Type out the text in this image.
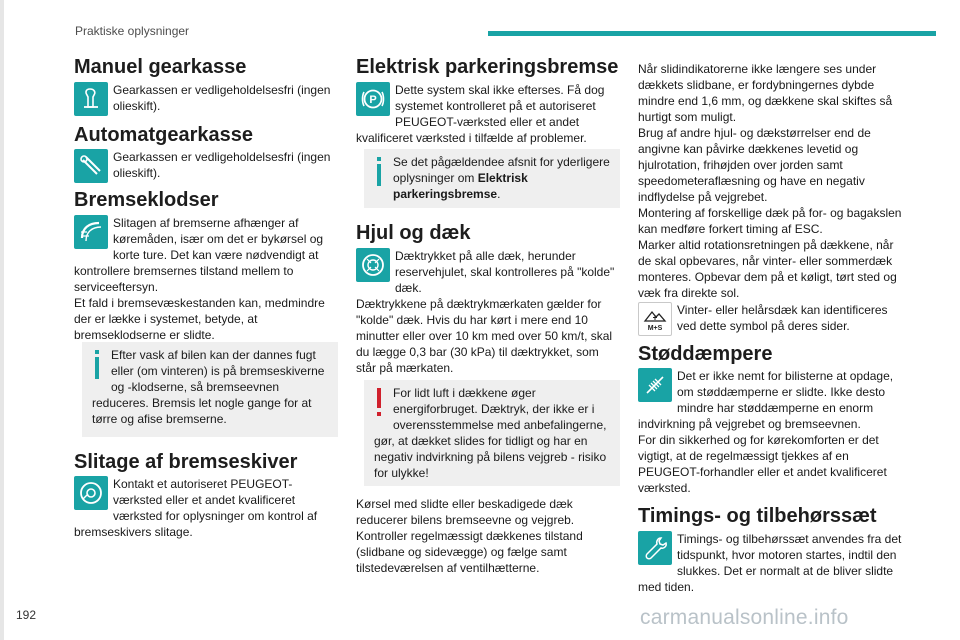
Praktiske oplysninger
Manuel gearkasse
Gearkassen er vedligeholdelsesfri (ingen olieskift).
Automatgearkasse
Gearkassen er vedligeholdelsesfri (ingen olieskift).
Bremseklodser
Slitagen af bremserne afhænger af køremåden, især om det er bykørsel og korte ture. Det kan være nødvendigt at kontrollere bremsernes tilstand mellem to serviceeftersyn.
Et fald i bremsevæskestanden kan, medmindre der er lække i systemet, betyde, at bremseklodserne er slidte.
Efter vask af bilen kan der dannes fugt eller (om vinteren) is på bremseskiverne og -klodserne, så bremseevnen reduceres. Bremsis let nogle gange for at tørre og afise bremserne.
Slitage af bremseskiver
Kontakt et autoriseret PEUGEOT-værksted eller et andet kvalificeret værksted for oplysninger om kontrol af bremseskivers slitage.
Elektrisk parkeringsbremse
P
Dette system skal ikke efterses. Få dog systemet kontrolleret på et autoriseret PEUGEOT-værksted eller et andet kvalificeret værksted i tilfælde af problemer.
Se det pågældendee afsnit for yderligere oplysninger om Elektrisk parkeringsbremse.
Hjul og dæk
Dæktrykket på alle dæk, herunder reservehjulet, skal kontrolleres på "kolde" dæk.
Dæktrykkene på dæktrykmærkaten gælder for "kolde" dæk. Hvis du har kørt i mere end 10 minutter eller over 10 km med over 50 km/t, skal du lægge 0,3 bar (30 kPa) til dæktrykket, som står på mærkaten.
For lidt luft i dækkene øger energiforbruget. Dæktryk, der ikke er i overensstemmelse med anbefalingerne, gør, at dækket slides for tidligt og har en negativ indvirkning på bilens vejgreb - risiko for ulykke!
Kørsel med slidte eller beskadigede dæk reducerer bilens bremseevne og vejgreb. Kontroller regelmæssigt dækkenes tilstand (slidbane og sidevægge) og fælge samt tilstedeværelsen af ventilhætterne.
Når slidindikatorerne ikke længere ses under dækkets slidbane, er fordybningernes dybde mindre end 1,6 mm, og dækkene skal skiftes så hurtigt som muligt.
Brug af andre hjul- og dækstørrelser end de angivne kan påvirke dækkenes levetid og hjulrotation, frihøjden over jorden samt speedometeraflæsning og have en negativ indflydelse på vejgrebet.
Montering af forskellige dæk på for- og bagakslen kan medføre forkert timing af ESC.
Marker altid rotationsretningen på dækkene, når de skal opbevares, når vinter- eller sommerdæk monteres. Opbevar dem på et køligt, tørt sted og væk fra direkte sol.
M+S
Vinter- eller helårsdæk kan identificeres ved dette symbol på deres sider.
Støddæmpere
Det er ikke nemt for bilisterne at opdage, om støddæmperne er slidte. Ikke desto mindre har støddæmperne en enorm indvirkning på vejgrebet og bremseevnen.
For din sikkerhed og for kørekomforten er det vigtigt, at de regelmæssigt tjekkes af en PEUGEOT-forhandler eller et andet kvalificeret værksted.
Timings- og tilbehørssæt
Timings- og tilbehørssæt anvendes fra det tidspunkt, hvor motoren startes, indtil den slukkes. Det er normalt at de bliver slidte med tiden.
192	carmanualsonline.info
